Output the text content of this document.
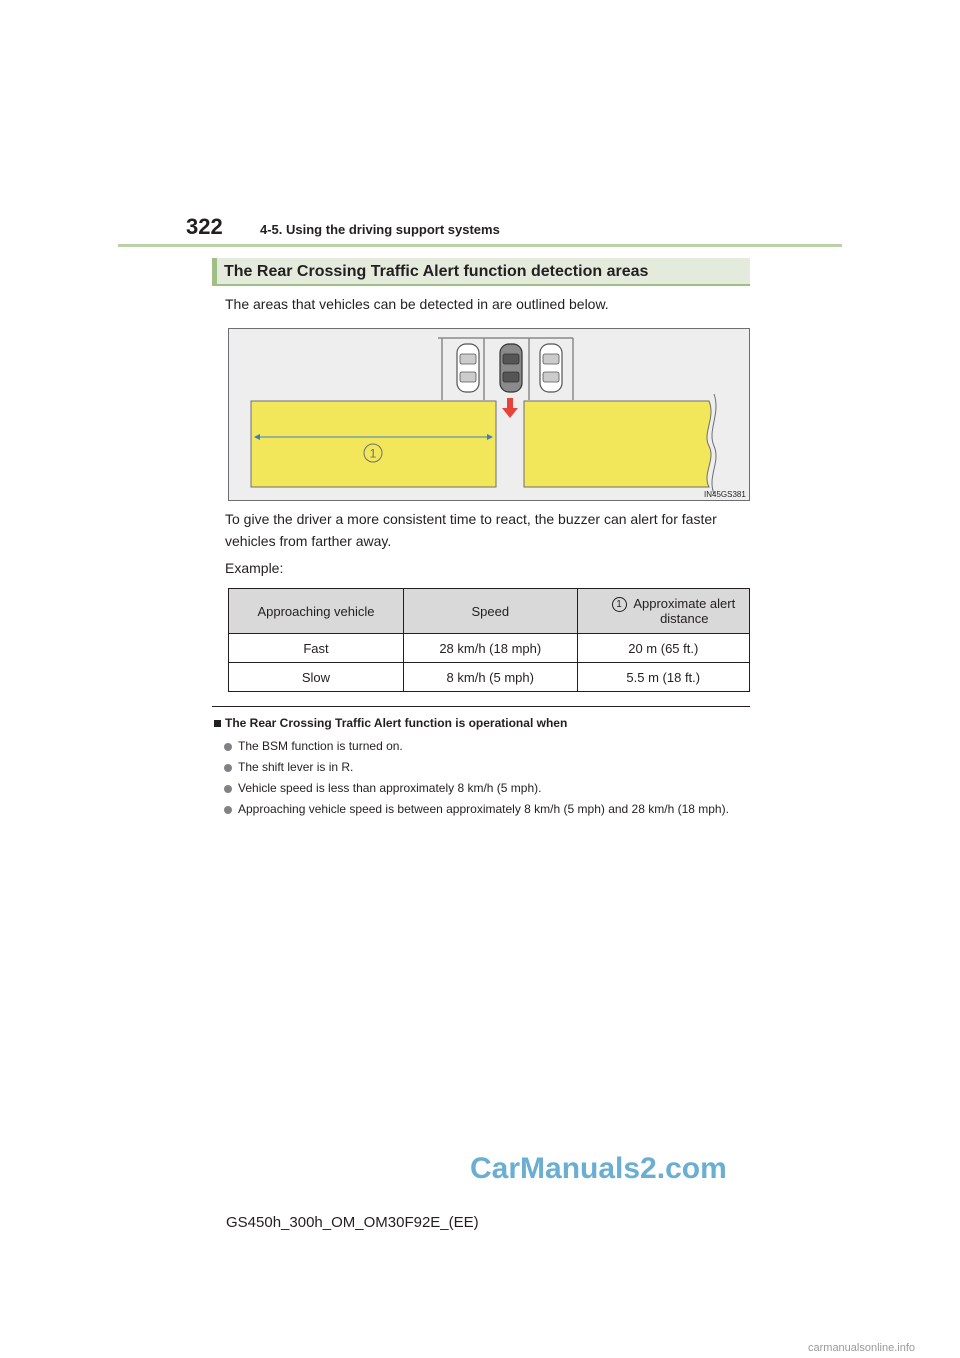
322	4-5. Using the driving support systems
The Rear Crossing Traffic Alert function detection areas
The areas that vehicles can be detected in are outlined below.
1
IN45GS381
To give the driver a more consistent time to react, the buzzer can alert for faster vehicles from farther away.
Example:
Approaching vehicle	Speed	1 Approximate alert distance

Fast	28 km/h (18 mph)	20 m (65 ft.)
Slow	8 km/h (5 mph)	5.5 m (18 ft.)
The Rear Crossing Traffic Alert function is operational when
The BSM function is turned on.
The shift lever is in R.
Vehicle speed is less than approximately 8 km/h (5 mph).
Approaching vehicle speed is between approximately 8 km/h (5 mph) and 28 km/h (18 mph).
CarManuals2.com
GS450h_300h_OM_OM30F92E_(EE)
carmanualsonline.info
